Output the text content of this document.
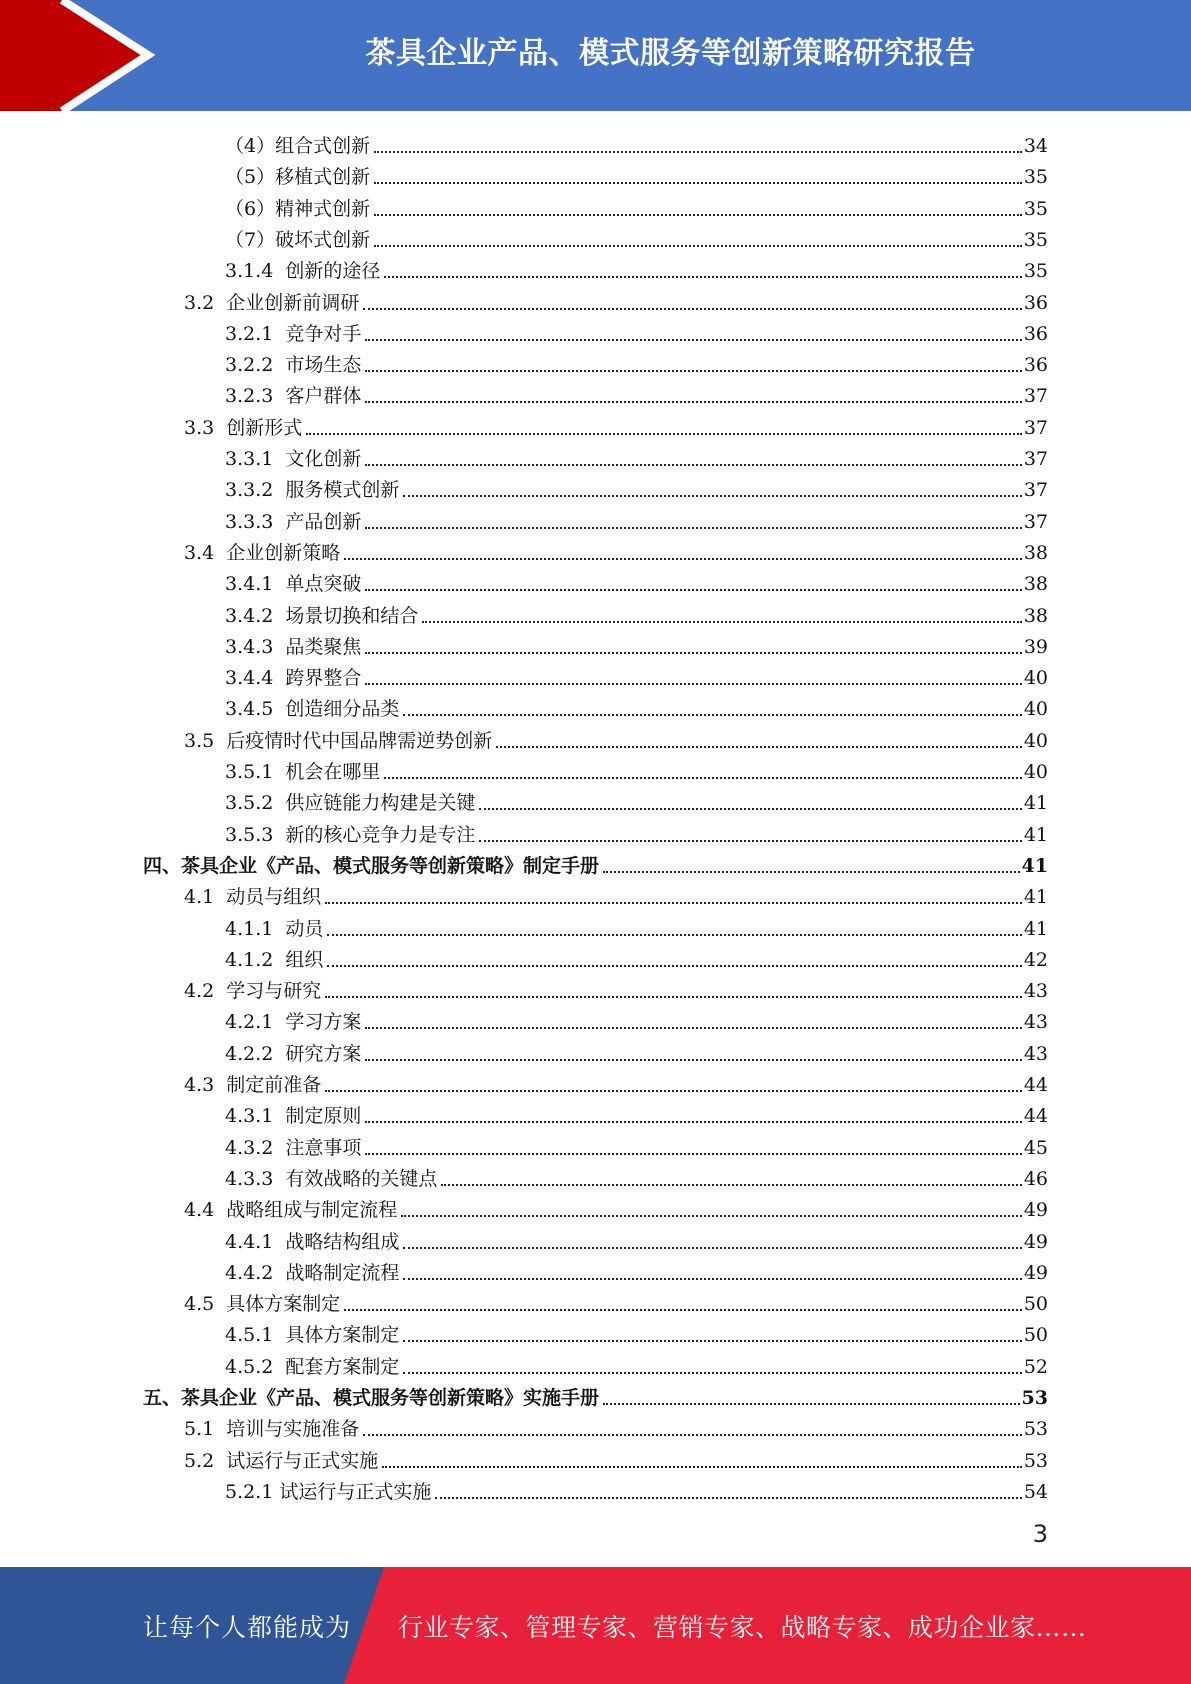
茶具企业产品、模式服务等创新策略研究报告
（4）组合式创新	34
（5）移植式创新	35
（6）精神式创新	35
（7）破坏式创新	35
3.1.4  创新的途径	35
3.2  企业创新前调研	36
3.2.1  竞争对手	36
3.2.2  市场生态	36
3.2.3  客户群体	37
3.3  创新形式	37
3.3.1  文化创新	37
3.3.2  服务模式创新	37
3.3.3  产品创新	37
3.4  企业创新策略	38
3.4.1  单点突破	38
3.4.2  场景切换和结合	38
3.4.3  品类聚焦	39
3.4.4  跨界整合	40
3.4.5  创造细分品类	40
3.5  后疫情时代中国品牌需逆势创新	40
3.5.1  机会在哪里	40
3.5.2  供应链能力构建是关键	41
3.5.3  新的核心竞争力是专注	41
四、茶具企业《产品、模式服务等创新策略》制定手册	41
4.1  动员与组织	41
4.1.1  动员	41
4.1.2  组织	42
4.2  学习与研究	43
4.2.1  学习方案	43
4.2.2  研究方案	43
4.3  制定前准备	44
4.3.1  制定原则	44
4.3.2  注意事项	45
4.3.3  有效战略的关键点	46
4.4  战略组成与制定流程	49
4.4.1  战略结构组成	49
4.4.2  战略制定流程	49
4.5  具体方案制定	50
4.5.1  具体方案制定	50
4.5.2  配套方案制定	52
五、茶具企业《产品、模式服务等创新策略》实施手册	53
5.1  培训与实施准备	53
5.2  试运行与正式实施	53
5.2.1 试运行与正式实施	54
3
让每个人都能成为 行业专家、管理专家、营销专家、战略专家、成功企业家……
